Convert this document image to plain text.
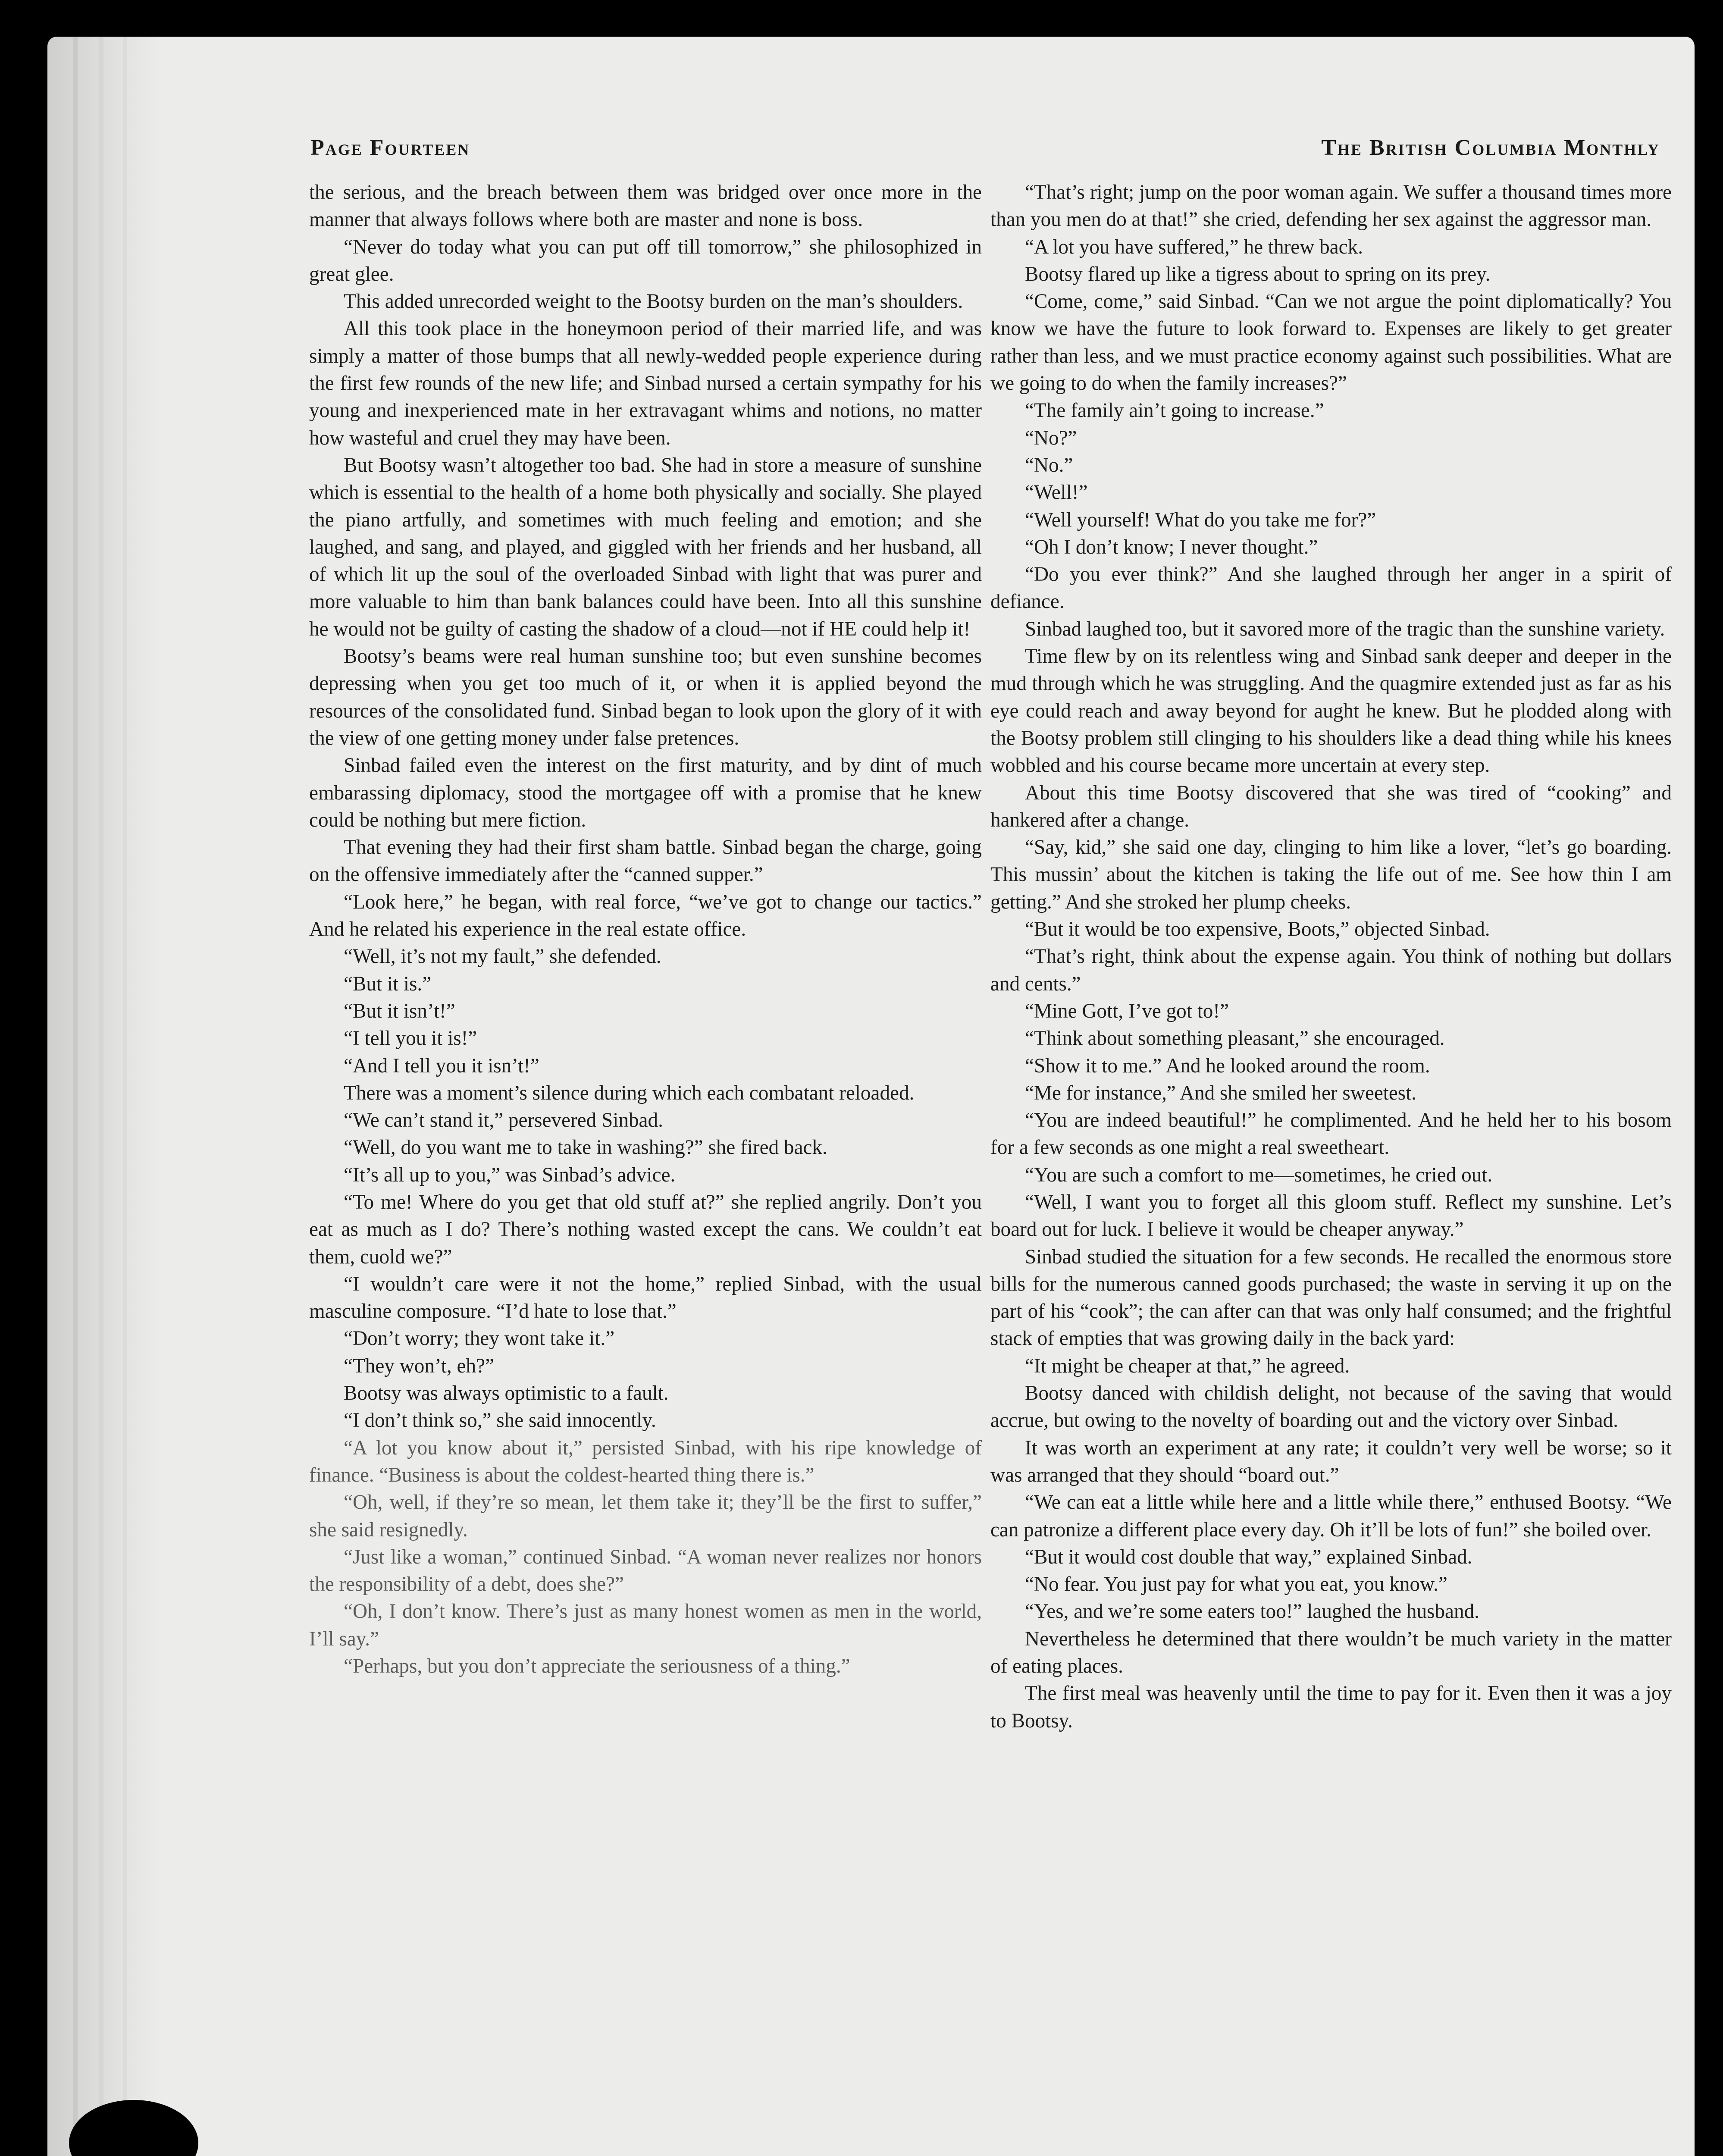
Page Fourteen	The British Columbia Monthly

the serious, and the breach between them was bridged over once more in the manner that always follows where both are master and none is boss.

“Never do today what you can put off till tomorrow,” she philosophized in great glee.

This added unrecorded weight to the Bootsy burden on the man’s shoulders.

All this took place in the honeymoon period of their married life, and was simply a matter of those bumps that all newly-wedded people experience during the first few rounds of the new life; and Sinbad nursed a certain sympathy for his young and inexperienced mate in her extravagant whims and notions, no matter how wasteful and cruel they may have been.

But Bootsy wasn’t altogether too bad. She had in store a measure of sunshine which is essential to the health of a home both physically and socially. She played the piano artfully, and sometimes with much feeling and emotion; and she laughed, and sang, and played, and giggled with her friends and her husband, all of which lit up the soul of the overloaded Sinbad with light that was purer and more valuable to him than bank balances could have been. Into all this sunshine he would not be guilty of casting the shadow of a cloud—not if HE could help it!

Bootsy’s beams were real human sunshine too; but even sunshine becomes depressing when you get too much of it, or when it is applied beyond the resources of the consolidated fund. Sinbad began to look upon the glory of it with the view of one getting money under false pretences.

Sinbad failed even the interest on the first maturity, and by dint of much embarassing diplomacy, stood the mortgagee off with a promise that he knew could be nothing but mere fiction.

That evening they had their first sham battle. Sinbad began the charge, going on the offensive immediately after the “canned supper.”

“Look here,” he began, with real force, “we’ve got to change our tactics.” And he related his experience in the real estate office.

“Well, it’s not my fault,” she defended.

“But it is.”

“But it isn’t!”

“I tell you it is!”

“And I tell you it isn’t!”

There was a moment’s silence during which each combatant reloaded.

“We can’t stand it,” persevered Sinbad.

“Well, do you want me to take in washing?” she fired back.

“It’s all up to you,” was Sinbad’s advice.

“To me! Where do you get that old stuff at?” she replied angrily. Don’t you eat as much as I do? There’s nothing wasted except the cans. We couldn’t eat them, cuold we?”

“I wouldn’t care were it not the home,” replied Sinbad, with the usual masculine composure. “I’d hate to lose that.”

“Don’t worry; they wont take it.”

“They won’t, eh?”

Bootsy was always optimistic to a fault.

“I don’t think so,” she said innocently.

“A lot you know about it,” persisted Sinbad, with his ripe knowledge of finance. “Business is about the coldest-hearted thing there is.”

“Oh, well, if they’re so mean, let them take it; they’ll be the first to suffer,” she said resignedly.

“Just like a woman,” continued Sinbad. “A woman never realizes nor honors the responsibility of a debt, does she?”

“Oh, I don’t know. There’s just as many honest women as men in the world, I’ll say.”

“Perhaps, but you don’t appreciate the seriousness of a thing.”

“That’s right; jump on the poor woman again. We suffer a thousand times more than you men do at that!” she cried, defending her sex against the aggressor man.

“A lot you have suffered,” he threw back.

Bootsy flared up like a tigress about to spring on its prey.

“Come, come,” said Sinbad. “Can we not argue the point diplomatically? You know we have the future to look forward to. Expenses are likely to get greater rather than less, and we must practice economy against such possibilities. What are we going to do when the family increases?”

“The family ain’t going to increase.”

“No?”

“No.”

“Well!”

“Well yourself! What do you take me for?”

“Oh I don’t know; I never thought.”

“Do you ever think?” And she laughed through her anger in a spirit of defiance.

Sinbad laughed too, but it savored more of the tragic than the sunshine variety.

Time flew by on its relentless wing and Sinbad sank deeper and deeper in the mud through which he was struggling. And the quagmire extended just as far as his eye could reach and away beyond for aught he knew. But he plodded along with the Bootsy problem still clinging to his shoulders like a dead thing while his knees wobbled and his course became more uncertain at every step.

About this time Bootsy discovered that she was tired of “cooking” and hankered after a change.

“Say, kid,” she said one day, clinging to him like a lover, “let’s go boarding. This mussin’ about the kitchen is taking the life out of me. See how thin I am getting.” And she stroked her plump cheeks.

“But it would be too expensive, Boots,” objected Sinbad.

“That’s right, think about the expense again. You think of nothing but dollars and cents.”

“Mine Gott, I’ve got to!”

“Think about something pleasant,” she encouraged.

“Show it to me.” And he looked around the room.

“Me for instance,” And she smiled her sweetest.

“You are indeed beautiful!” he complimented. And he held her to his bosom for a few seconds as one might a real sweetheart.

“You are such a comfort to me—sometimes, he cried out.

“Well, I want you to forget all this gloom stuff. Reflect my sunshine. Let’s board out for luck. I believe it would be cheaper anyway.”

Sinbad studied the situation for a few seconds. He recalled the enormous store bills for the numerous canned goods purchased; the waste in serving it up on the part of his “cook”; the can after can that was only half consumed; and the frightful stack of empties that was growing daily in the back yard:

“It might be cheaper at that,” he agreed.

Bootsy danced with childish delight, not because of the saving that would accrue, but owing to the novelty of boarding out and the victory over Sinbad.

It was worth an experiment at any rate; it couldn’t very well be worse; so it was arranged that they should “board out.”

“We can eat a little while here and a little while there,” enthused Bootsy. “We can patronize a different place every day. Oh it’ll be lots of fun!” she boiled over.

“But it would cost double that way,” explained Sinbad.

“No fear. You just pay for what you eat, you know.”

“Yes, and we’re some eaters too!” laughed the husband.

Nevertheless he determined that there wouldn’t be much variety in the matter of eating places.

The first meal was heavenly until the time to pay for it. Even then it was a joy to Bootsy.
